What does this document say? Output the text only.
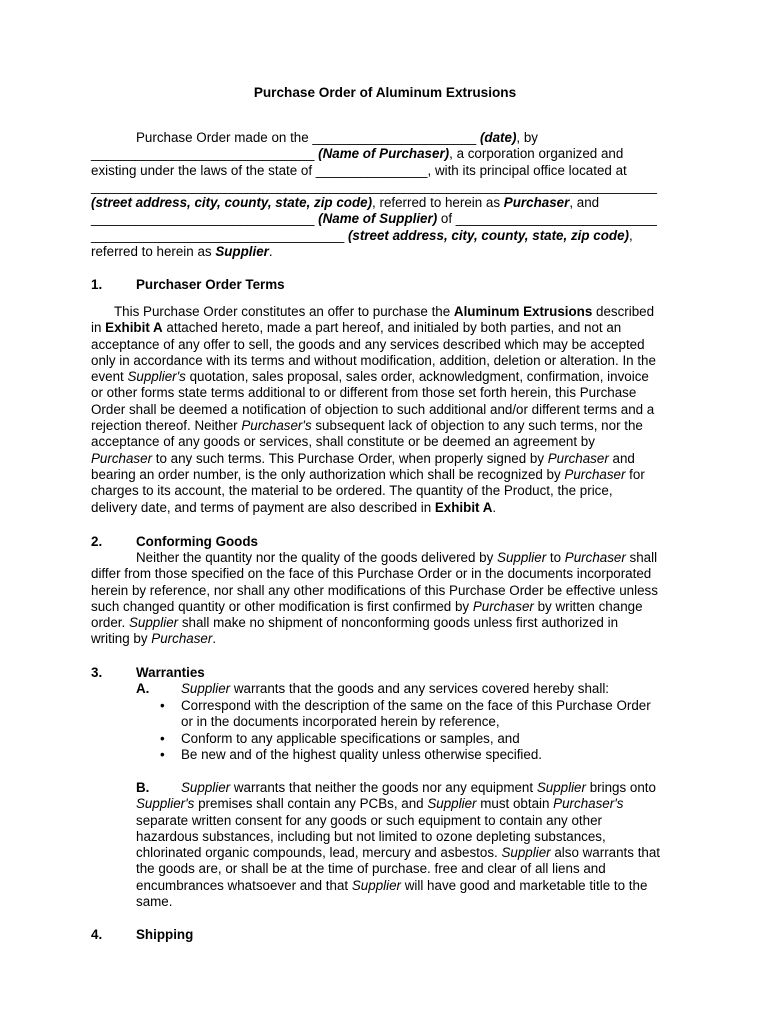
Purchase Order of Aluminum Extrusions
Purchase Order made on the ______________________ (date), by
______________________________ (Name of Purchaser), a corporation organized and
existing under the laws of the state of _______________, with its principal office located at
____________________________________________________________________________
(street address, city, county, state, zip code), referred to herein as Purchaser, and
______________________________ (Name of Supplier) of ___________________________
__________________________________ (street address, city, county, state, zip code),
referred to herein as Supplier.
1.	Purchaser Order Terms
This Purchase Order constitutes an offer to purchase the Aluminum Extrusions described
in Exhibit A attached hereto, made a part hereof, and initialed by both parties, and not an
acceptance of any offer to sell, the goods and any services described which may be accepted
only in accordance with its terms and without modification, addition, deletion or alteration. In the
event Supplier's quotation, sales proposal, sales order, acknowledgment, confirmation, invoice
or other forms state terms additional to or different from those set forth herein, this Purchase
Order shall be deemed a notification of objection to such additional and/or different terms and a
rejection thereof. Neither Purchaser's subsequent lack of objection to any such terms, nor the
acceptance of any goods or services, shall constitute or be deemed an agreement by
Purchaser to any such terms. This Purchase Order, when properly signed by Purchaser and
bearing an order number, is the only authorization which shall be recognized by Purchaser for
charges to its account, the material to be ordered. The quantity of the Product, the price,
delivery date, and terms of payment are also described in Exhibit A.
2.	Conforming Goods
Neither the quantity nor the quality of the goods delivered by Supplier to Purchaser shall
differ from those specified on the face of this Purchase Order or in the documents incorporated
herein by reference, nor shall any other modifications of this Purchase Order be effective unless
such changed quantity or other modification is first confirmed by Purchaser by written change
order. Supplier shall make no shipment of nonconforming goods unless first authorized in
writing by Purchaser.
3.	Warranties
A. Supplier warrants that the goods and any services covered hereby shall:
• Correspond with the description of the same on the face of this Purchase Order
or in the documents incorporated herein by reference,
• Conform to any applicable specifications or samples, and
• Be new and of the highest quality unless otherwise specified.
B. Supplier warrants that neither the goods nor any equipment Supplier brings onto
Supplier's premises shall contain any PCBs, and Supplier must obtain Purchaser's
separate written consent for any goods or such equipment to contain any other
hazardous substances, including but not limited to ozone depleting substances,
chlorinated organic compounds, lead, mercury and asbestos. Supplier also warrants that
the goods are, or shall be at the time of purchase. free and clear of all liens and
encumbrances whatsoever and that Supplier will have good and marketable title to the
same.
4.	Shipping
